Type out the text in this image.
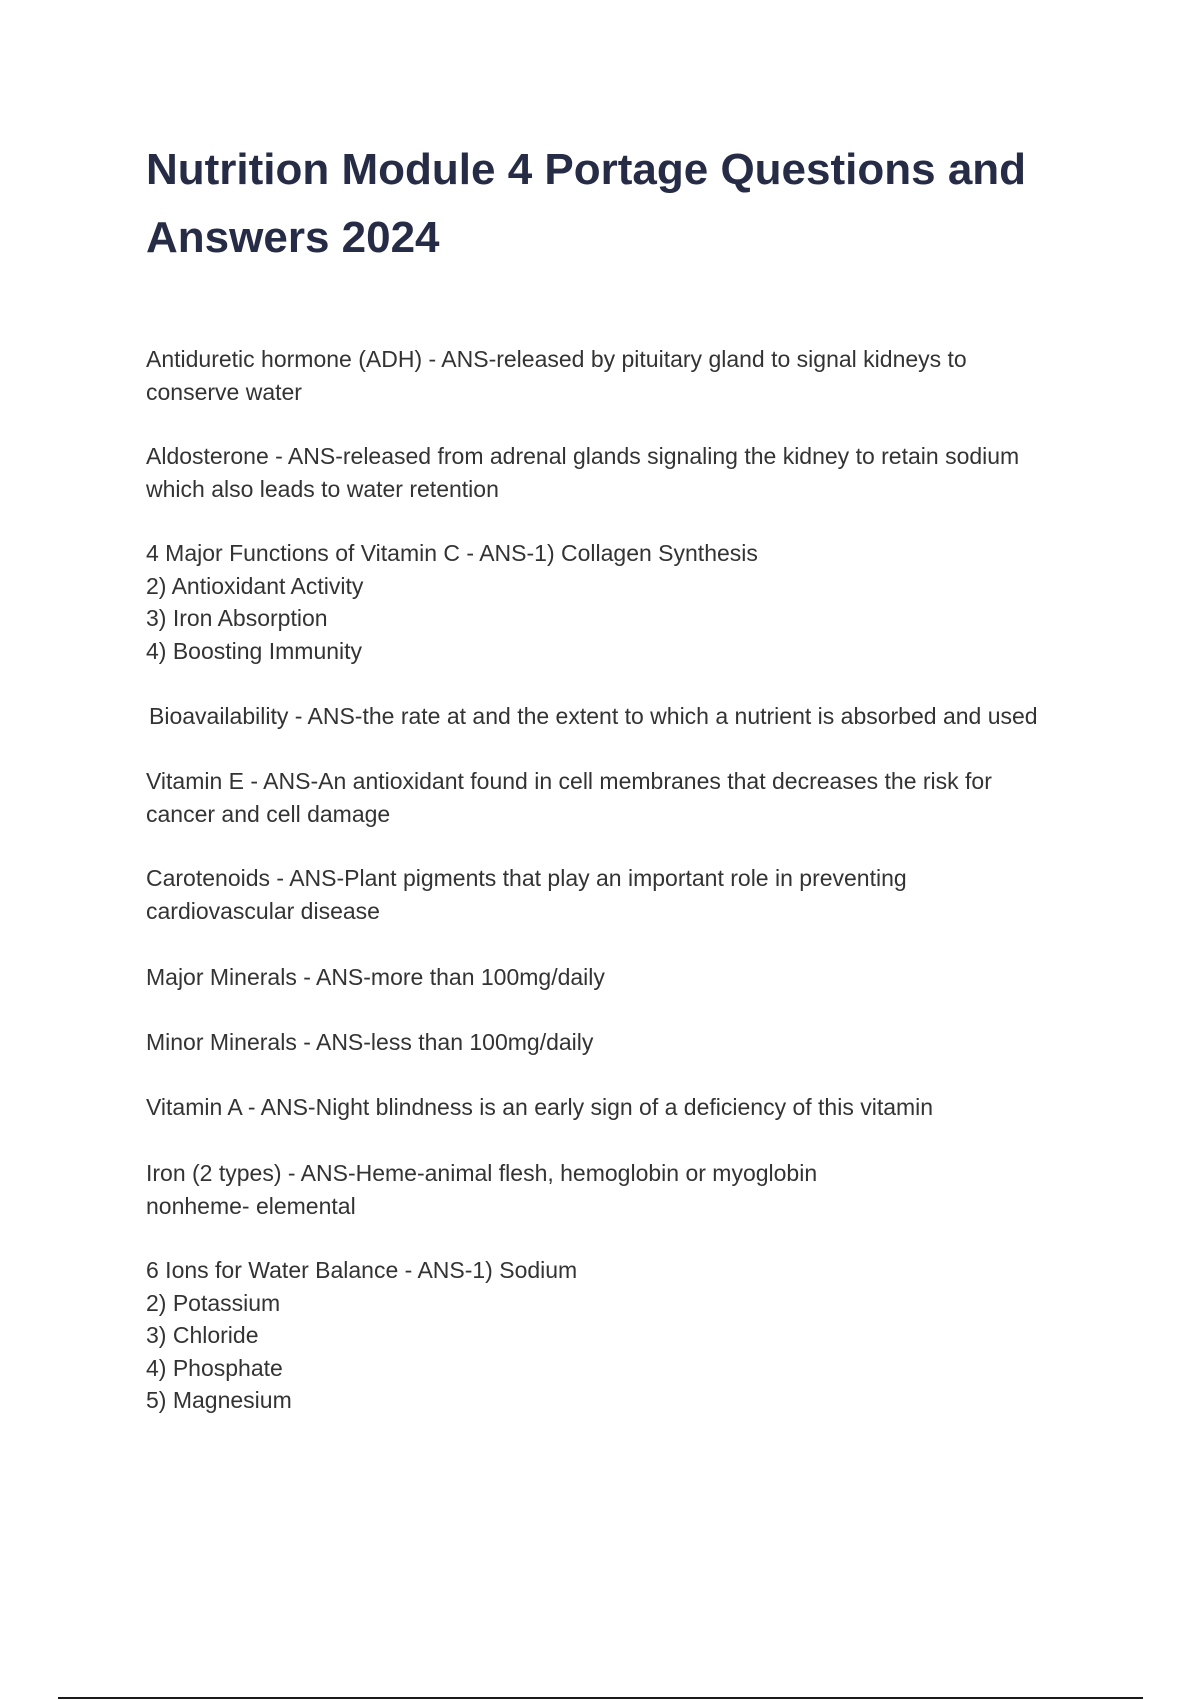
Nutrition Module 4 Portage Questions and
Answers 2024
Antiduretic hormone (ADH) - ANS-released by pituitary gland to signal kidneys to
conserve water
Aldosterone - ANS-released from adrenal glands signaling the kidney to retain sodium
which also leads to water retention
4 Major Functions of Vitamin C - ANS-1) Collagen Synthesis
2) Antioxidant Activity
3) Iron Absorption
4) Boosting Immunity
Bioavailability - ANS-the rate at and the extent to which a nutrient is absorbed and used
Vitamin E - ANS-An antioxidant found in cell membranes that decreases the risk for
cancer and cell damage
Carotenoids - ANS-Plant pigments that play an important role in preventing
cardiovascular disease
Major Minerals - ANS-more than 100mg/daily
Minor Minerals - ANS-less than 100mg/daily
Vitamin A - ANS-Night blindness is an early sign of a deficiency of this vitamin
Iron (2 types) - ANS-Heme-animal flesh, hemoglobin or myoglobin
nonheme- elemental
6 Ions for Water Balance - ANS-1) Sodium
2) Potassium
3) Chloride
4) Phosphate
5) Magnesium
